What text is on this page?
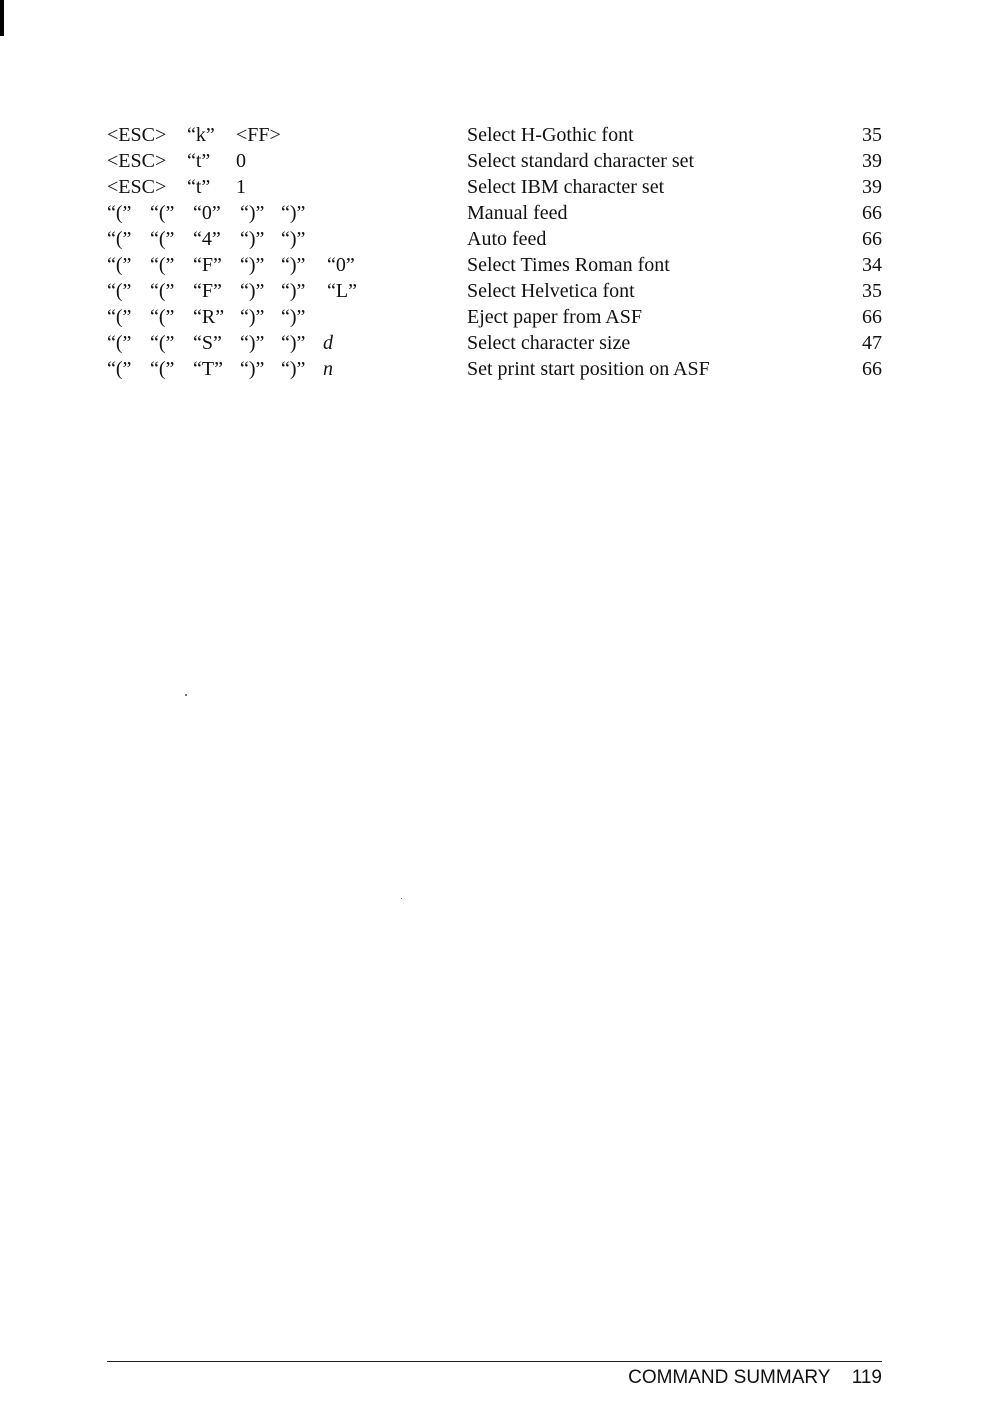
<ESC> “k” <FF>	Select H-Gothic font	35
<ESC> “t” 0	Select standard character set	39
<ESC> “t” 1	Select IBM character set	39
“(” “(” “0” “)” “)”	Manual feed	66
“(” “(” “4” “)” “)”	Auto feed	66
“(” “(” “F” “)” “)” “0”	Select Times Roman font	34
“(” “(” “F” “)” “)” “L”	Select Helvetica font	35
“(” “(” “R” “)” “)”	Eject paper from ASF	66
“(” “(” “S” “)” “)” d	Select character size	47
“(” “(” “T” “)” “)” n	Set print start position on ASF	66
COMMAND SUMMARY 119
